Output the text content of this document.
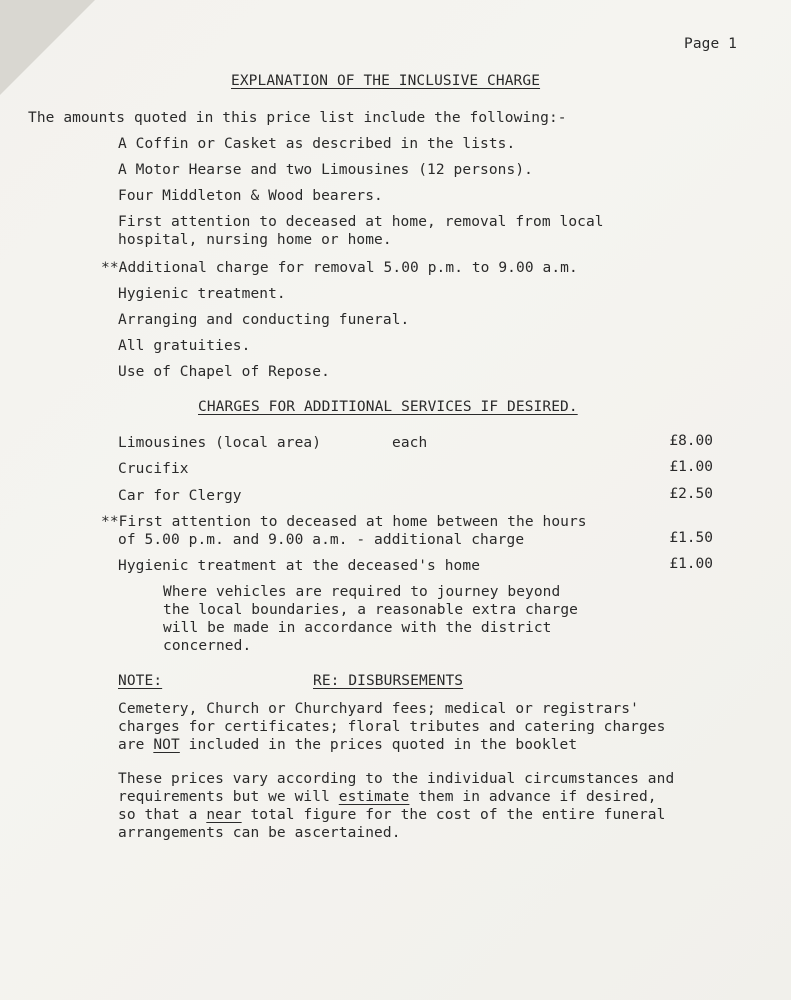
Page 1
EXPLANATION OF THE INCLUSIVE CHARGE
The amounts quoted in this price list include the following:-
A Coffin or Casket as described in the lists.
A Motor Hearse and two Limousines (12 persons).
Four Middleton & Wood bearers.
First attention to deceased at home, removal from local
hospital, nursing home or home.
**Additional charge for removal 5.00 p.m. to 9.00 a.m.
Hygienic treatment.
Arranging and conducting funeral.
All gratuities.
Use of Chapel of Repose.
CHARGES FOR ADDITIONAL SERVICES IF DESIRED.
Limousines (local area)	each	£8.00
Crucifix	£1.00
Car for Clergy	£2.50
**First attention to deceased at home between the hours
of 5.00 p.m. and 9.00 a.m. - additional charge	£1.50
Hygienic treatment at the deceased's home	£1.00
Where vehicles are required to journey beyond
the local boundaries, a reasonable extra charge
will be made in accordance with the district
concerned.
NOTE:	RE: DISBURSEMENTS
Cemetery, Church or Churchyard fees; medical or registrars'
charges for certificates; floral tributes and catering charges
are NOT included in the prices quoted in the booklet
These prices vary according to the individual circumstances and
requirements but we will estimate them in advance if desired,
so that a near total figure for the cost of the entire funeral
arrangements can be ascertained.
